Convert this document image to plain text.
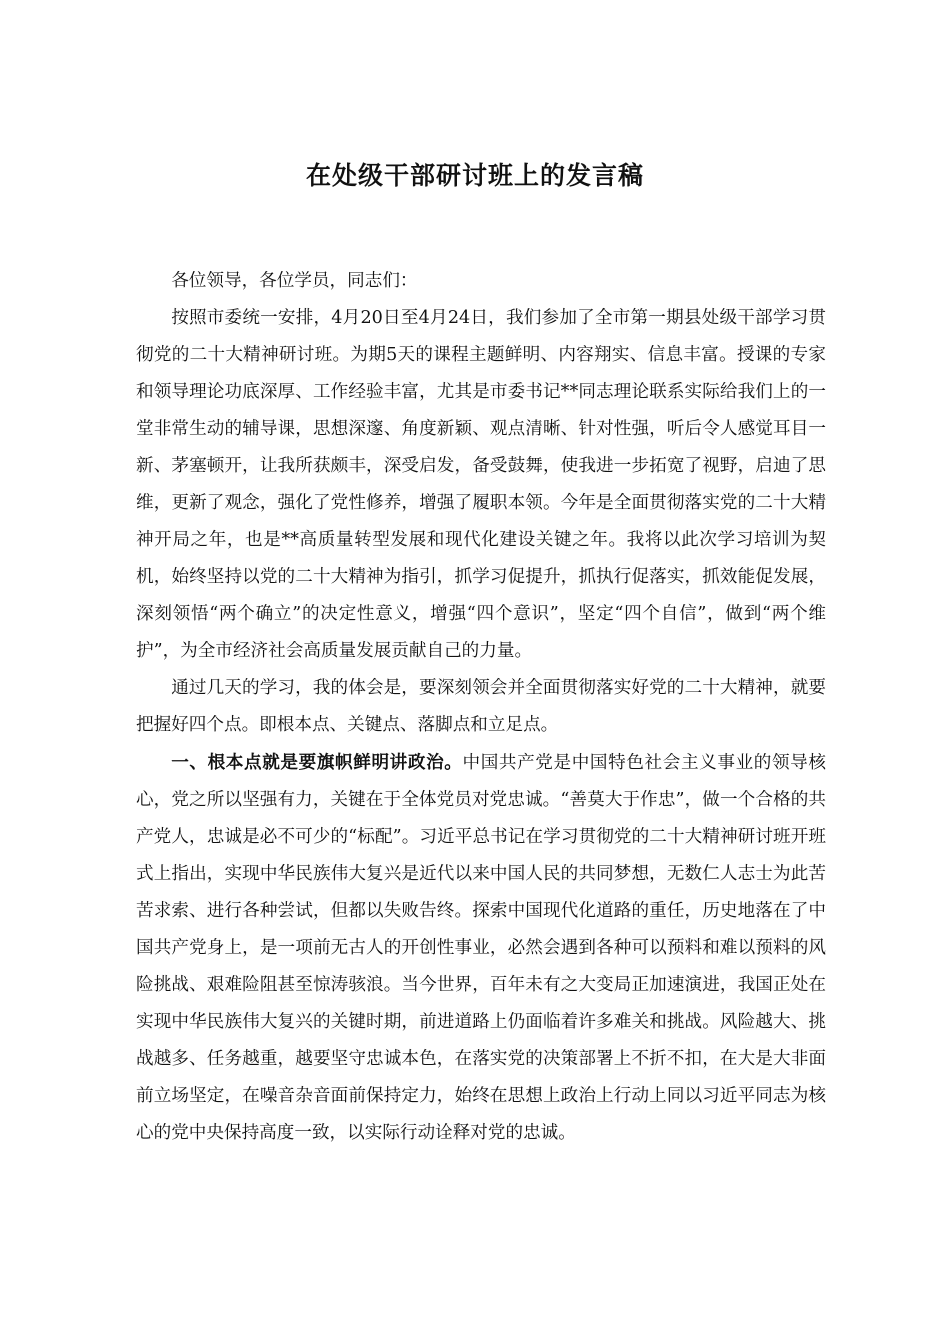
在处级干部研讨班上的发言稿

各位领导，各位学员，同志们：

按照市委统一安排，4月20日至4月24日，我们参加了全市第一期县处级干部学习贯彻党的二十大精神研讨班。为期5天的课程主题鲜明、内容翔实、信息丰富。授课的专家和领导理论功底深厚、工作经验丰富，尤其是市委书记**同志理论联系实际给我们上的一堂非常生动的辅导课，思想深邃、角度新颖、观点清晰、针对性强，听后令人感觉耳目一新、茅塞顿开，让我所获颇丰，深受启发，备受鼓舞，使我进一步拓宽了视野，启迪了思维，更新了观念，强化了党性修养，增强了履职本领。今年是全面贯彻落实党的二十大精神开局之年，也是**高质量转型发展和现代化建设关键之年。我将以此次学习培训为契机，始终坚持以党的二十大精神为指引，抓学习促提升，抓执行促落实，抓效能促发展，深刻领悟“两个确立”的决定性意义，增强“四个意识”，坚定“四个自信”，做到“两个维护”，为全市经济社会高质量发展贡献自己的力量。

通过几天的学习，我的体会是，要深刻领会并全面贯彻落实好党的二十大精神，就要把握好四个点。即根本点、关键点、落脚点和立足点。

一、根本点就是要旗帜鲜明讲政治。中国共产党是中国特色社会主义事业的领导核心，党之所以坚强有力，关键在于全体党员对党忠诚。“善莫大于作忠”，做一个合格的共产党人，忠诚是必不可少的“标配”。习近平总书记在学习贯彻党的二十大精神研讨班开班式上指出，实现中华民族伟大复兴是近代以来中国人民的共同梦想，无数仁人志士为此苦苦求索、进行各种尝试，但都以失败告终。探索中国现代化道路的重任，历史地落在了中国共产党身上，是一项前无古人的开创性事业，必然会遇到各种可以预料和难以预料的风险挑战、艰难险阻甚至惊涛骇浪。当今世界，百年未有之大变局正加速演进，我国正处在实现中华民族伟大复兴的关键时期，前进道路上仍面临着许多难关和挑战。风险越大、挑战越多、任务越重，越要坚守忠诚本色，在落实党的决策部署上不折不扣，在大是大非面前立场坚定，在噪音杂音面前保持定力，始终在思想上政治上行动上同以习近平同志为核心的党中央保持高度一致，以实际行动诠释对党的忠诚。
